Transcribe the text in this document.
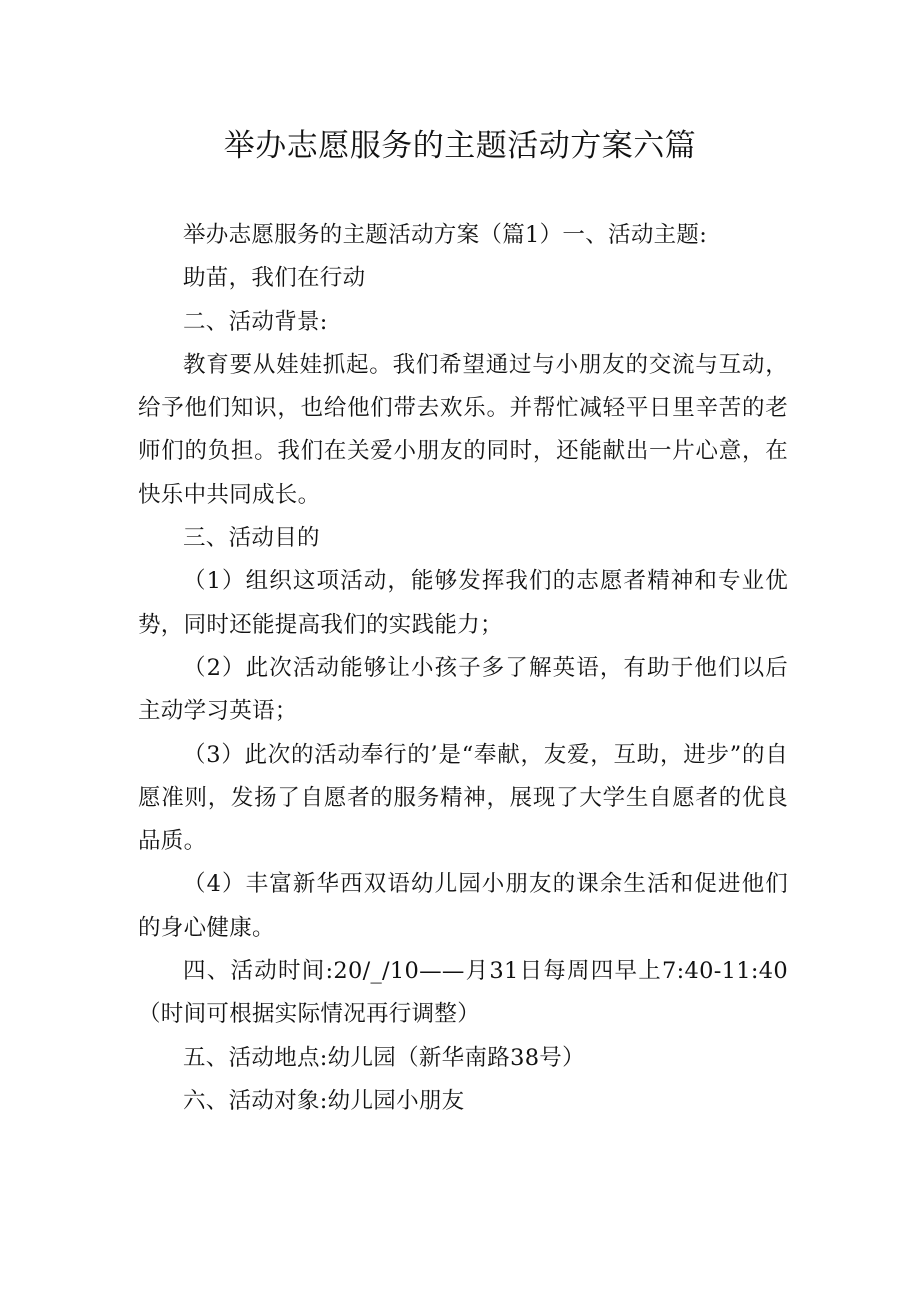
举办志愿服务的主题活动方案六篇

举办志愿服务的主题活动方案（篇1）一、活动主题:

助苗，我们在行动

二、活动背景:

教育要从娃娃抓起。我们希望通过与小朋友的交流与互动，给予他们知识，也给他们带去欢乐。并帮忙减轻平日里辛苦的老师们的负担。我们在关爱小朋友的同时，还能献出一片心意，在快乐中共同成长。

三、活动目的

（1）组织这项活动，能够发挥我们的志愿者精神和专业优势，同时还能提高我们的实践能力；

（2）此次活动能够让小孩子多了解英语，有助于他们以后主动学习英语；

（3）此次的活动奉行的’是“奉献，友爱，互助，进步”的自愿准则，发扬了自愿者的服务精神，展现了大学生自愿者的优良品质。

（4）丰富新华西双语幼儿园小朋友的课余生活和促进他们的身心健康。

四、活动时间:20/_/10——月31日每周四早上7:40-11:40（时间可根据实际情况再行调整）

五、活动地点:幼儿园（新华南路38号）

六、活动对象:幼儿园小朋友
